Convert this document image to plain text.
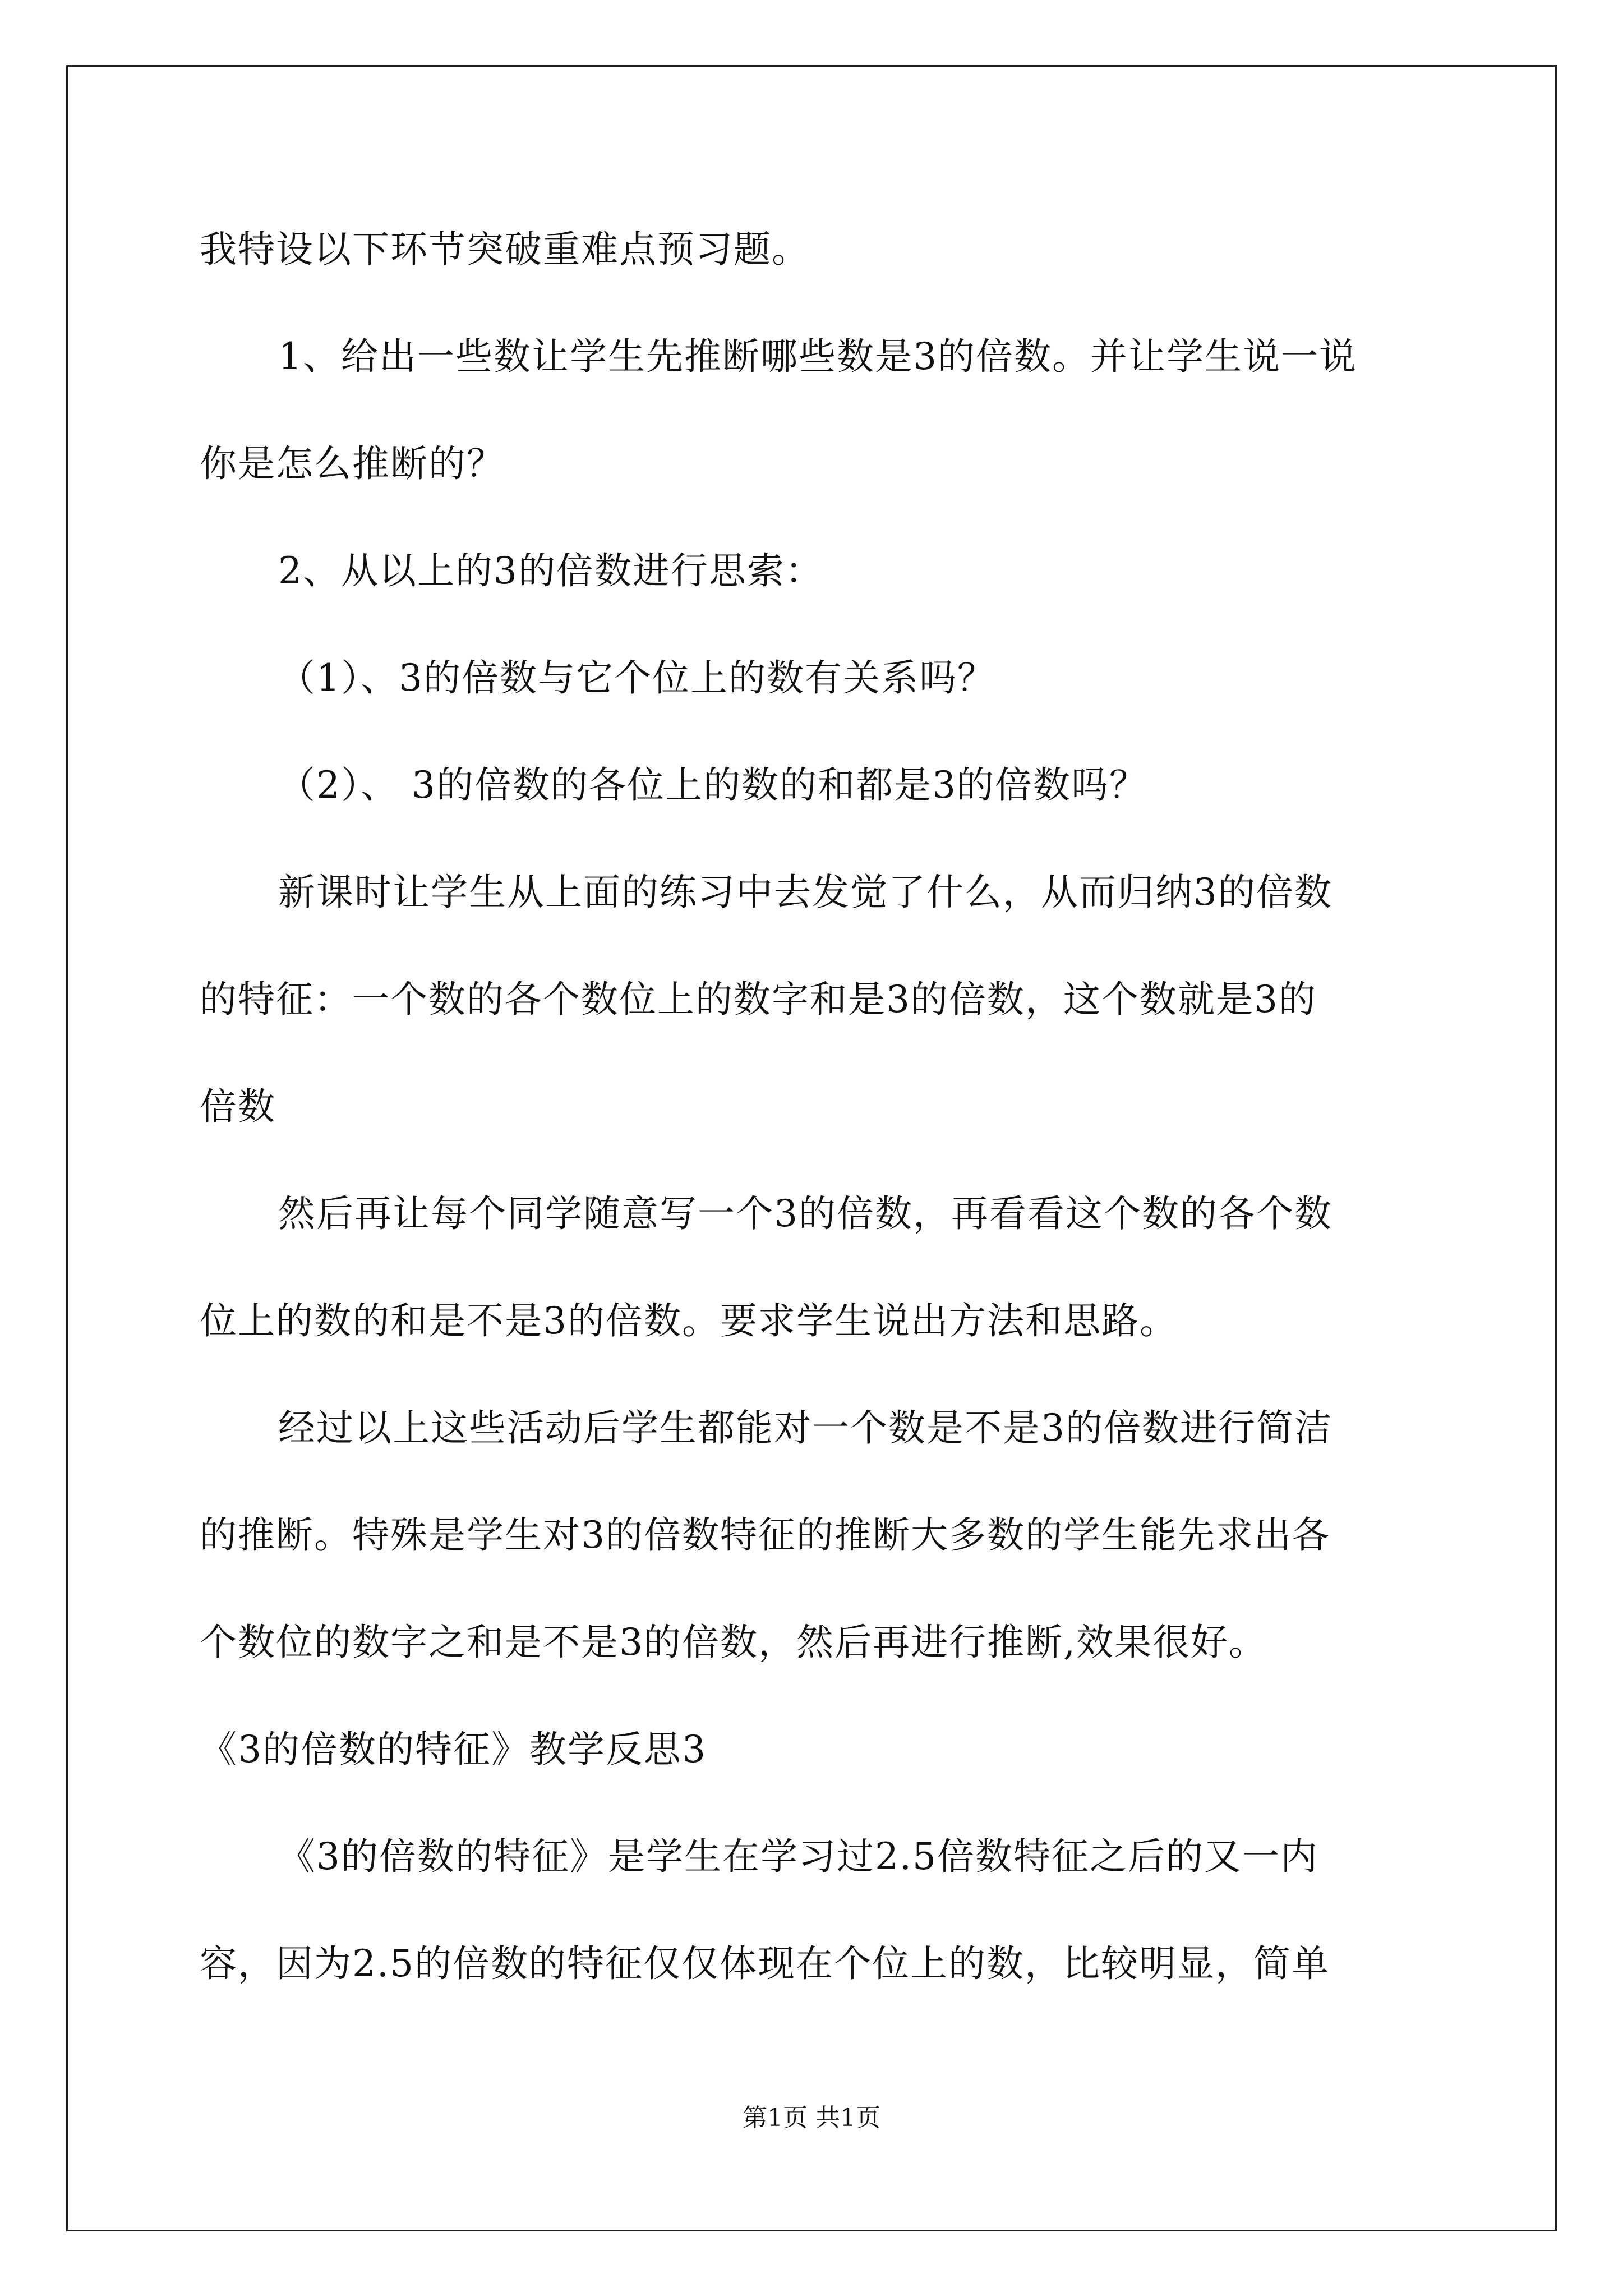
我特设以下环节突破重难点预习题。
1、给出一些数让学生先推断哪些数是3的倍数。并让学生说一说
你是怎么推断的？
2、从以上的3的倍数进行思索：
（1）、3的倍数与它个位上的数有关系吗？
（2）、 3的倍数的各位上的数的和都是3的倍数吗？
新课时让学生从上面的练习中去发觉了什么，从而归纳3的倍数
的特征：一个数的各个数位上的数字和是3的倍数，这个数就是3的
倍数
然后再让每个同学随意写一个3的倍数，再看看这个数的各个数
位上的数的和是不是3的倍数。要求学生说出方法和思路。
经过以上这些活动后学生都能对一个数是不是3的倍数进行简洁
的推断。特殊是学生对3的倍数特征的推断大多数的学生能先求出各
个数位的数字之和是不是3的倍数，然后再进行推断,效果很好。
《3的倍数的特征》教学反思3
《3的倍数的特征》是学生在学习过2.5倍数特征之后的又一内
容，因为2.5的倍数的特征仅仅体现在个位上的数，比较明显，简单
第1页 共1页
